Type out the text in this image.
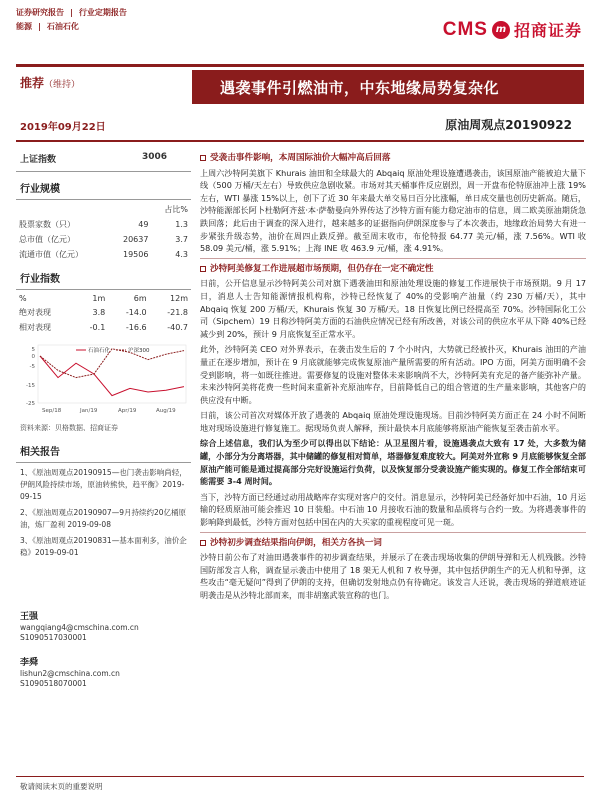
证券研究报告 | 行业定期报告
能源 | 石油石化	CMS m 招商证券
推荐（维持）	遇袭事件引燃油市，中东地缘局势复杂化
2019年09月22日	原油周观点20190922
上证指数	3006
行业规模
		占比%
股票家数（只）	49	1.3
总市值（亿元）	20637	3.7
流通市值（亿元）	19506	4.3
行业指数
%	1m	6m	12m
绝对表现	3.8	-14.0	-21.8
相对表现	-0.1	-16.6	-40.7
5
0
-5
-15
-25
Sep/18	Jan/19	Apr/19	Aug/19
石油石化	沪深300
资料来源：贝格数据、招商证券
相关报告
1、《原油周观点20190915—也门袭击影响尚轻，伊朗风险持续市场，原油转熊快，趋平衡》2019-09-15
2、《原油周观点20190907—9月持续约20亿桶原油，炼厂盈利 2019-09-08
3、《原油周观点20190831—基本面利多，油价企稳》2019-09-01
王强
wangqiang4@cmschina.com.cn
S1090517030001
李舜
lishun2@cmschina.com.cn
S1090518070001
受袭击事件影响，本周国际油价大幅冲高后回落
上周六沙特阿美旗下 Khurais 油田和全球最大的 Abqaiq 原油处理设施遭遇袭击，该国原油产能被迫大量下线（500 万桶/天左右）导致供应急剧收紧。市场对其天桶事件反应剧烈，周一开盘布伦特原油冲上涨 19%左右，WTI 暴涨 15%以上，创下了近 30 年来最大单交易日百分比涨幅，单日成交量也创历史新高。随后，沙特能源部长阿卜杜勒阿齐兹·本·萨勒曼向外界传达了沙特方面有能力稳定油市的信息，周二欧美原油期货急跌回落；此后由于调查的深入进行，越来越多的证据指向伊朗深度参与了本次袭击，地缘政治局势大有进一步紧张升级态势，油价在周四止跌反弹。截至周末收市，布伦特报 64.77 美元/桶，涨 7.56%。WTI 收 58.09 美元/桶，涨 5.91%；上海 INE 收 463.9 元/桶，涨 4.91%。
沙特阿美修复工作进展超市场预期，但仍存在一定不确定性
日前，公开信息显示沙特阿美公司对旗下遇袭油田和原油处理设施的修复工作进展快于市场预期。9 月 17 日，消息人士告知能源情报机构称，沙特已经恢复了 40%的受影响产油量（约 230 万桶/天），其中 Abqaiq 恢复 200 万桶/天，Khurais 恢复 30 万桶/天。18 日恢复比例已经提高至 70%。沙特国际化工公司（Sipchem）19 日称沙特阿美方面的石油供应情况已经有所改善，对该公司的供应水平从下降 40%已经减少到 20%，预计 9 月底恢复至正常水平。
此外，沙特阿美 CEO 对外界表示，在袭击发生后的 7 个小时内，大势就已经被扑灭，Khurais 油田的产油量正在逐步增加，预计在 9 月底就能够完成恢复原油产量所需要的所有活动。IPO 方面，阿美方面明确不会受到影响，将一如既往推进。需要修复的设施对整体未来影响尚不大，沙特阿美有充足的备产能弥补产量。未来沙特阿美将花费一些时间来重新补充原油库存，目前降低自己的组合管道的生产量来影响，其他客户的供应没有中断。
日前，该公司首次对媒体开放了遇袭的 Abqaiq 原油处理设施现场。目前沙特阿美方面正在 24 小时不间断地对现场设施进行修复施工。据现场负责人解释，预计最快本月底能够将原油产能恢复至袭击前水平。
综合上述信息，我们认为至少可以得出以下结论：从卫星图片看，设施遇袭点大致有 17 处，大多数为储罐，小部分为分离塔器，其中储罐的修复相对简单，塔器修复难度较大。阿美对外宣称 9 月底能够恢复全部原油产能可能是通过提高部分完好设施运行负荷，以及恢复部分受袭设施产能实现的。修复工作全部结束可能需要 3-4 周时间。
当下，沙特方面已经通过动用战略库存实现对客户的交付。消息显示，沙特阿美已经备好加中石油，10 月运输的轻质原油可能会推迟 10 日装船。中石油 10 月接收石油的数量和品质将与合约一致。为将遇袭事件的影响降到最低，沙特方面对包括中国在内的大买家的重视程度可见一斑。
沙特初步调查结果指向伊朗，相关方各执一词
沙特日前公布了对油田遇袭事件的初步调查结果，并展示了在袭击现场收集的伊朗导弹和无人机残骸。沙特国防部发言人称，调查显示袭击中使用了 18 架无人机和 7 枚导弹，其中包括伊朗生产的无人机和导弹，这些攻击“毫无疑问”得到了伊朗的支持，但确切发射地点仍有待确定。该发言人还说，袭击现场的弹道痕迹证明袭击是从沙特北部而来，而非胡塞武装宣称的也门。
敬请阅读末页的重要说明
